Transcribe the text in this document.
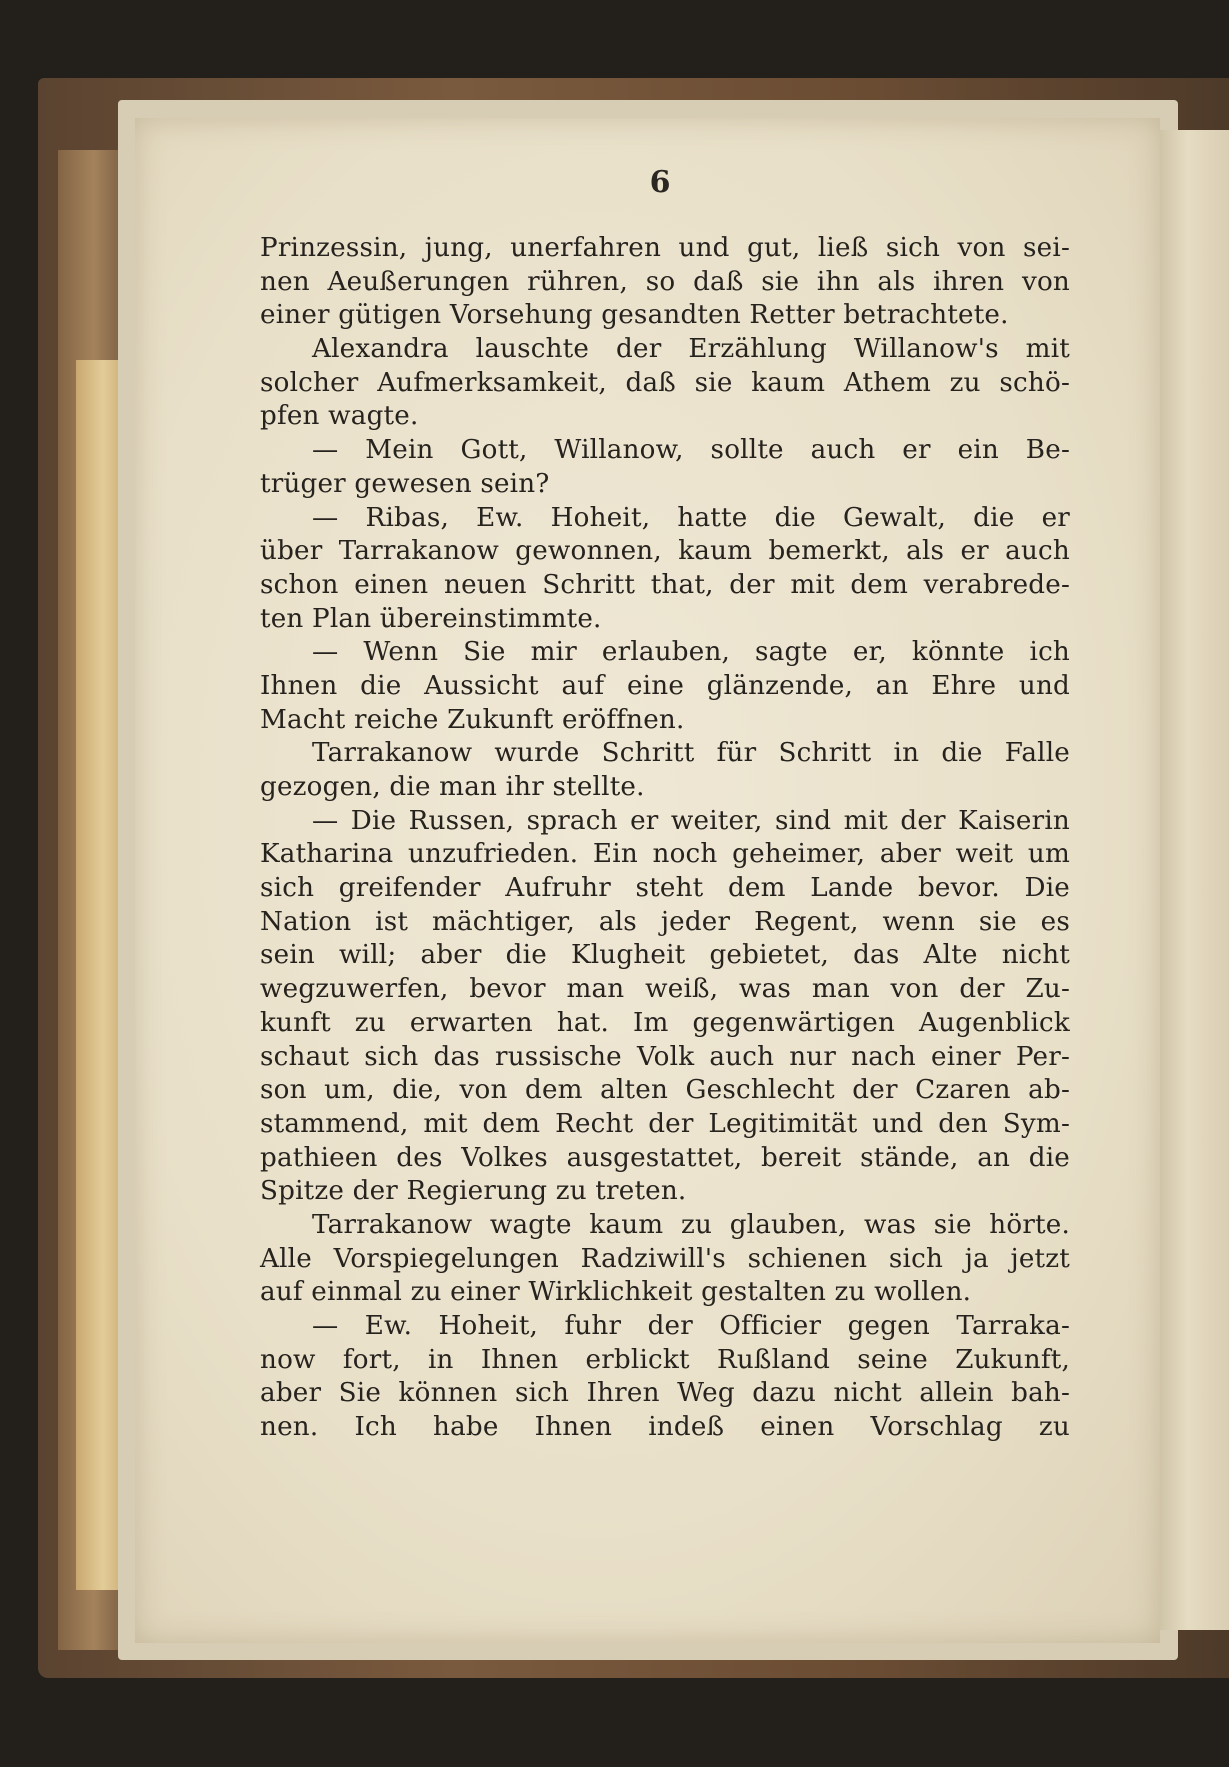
6
Prinzessin, jung, unerfahren und gut, ließ sich von sei-
nen Aeußerungen rühren, so daß sie ihn als ihren von
einer gütigen Vorsehung gesandten Retter betrachtete.
Alexandra lauschte der Erzählung Willanow's mit
solcher Aufmerksamkeit, daß sie kaum Athem zu schö-
pfen wagte.
— Mein Gott, Willanow, sollte auch er ein Be-
trüger gewesen sein?
— Ribas, Ew. Hoheit, hatte die Gewalt, die er
über Tarrakanow gewonnen, kaum bemerkt, als er auch
schon einen neuen Schritt that, der mit dem verabrede-
ten Plan übereinstimmte.
— Wenn Sie mir erlauben, sagte er, könnte ich
Ihnen die Aussicht auf eine glänzende, an Ehre und
Macht reiche Zukunft eröffnen.
Tarrakanow wurde Schritt für Schritt in die Falle
gezogen, die man ihr stellte.
— Die Russen, sprach er weiter, sind mit der Kaiserin
Katharina unzufrieden. Ein noch geheimer, aber weit um
sich greifender Aufruhr steht dem Lande bevor. Die
Nation ist mächtiger, als jeder Regent, wenn sie es
sein will; aber die Klugheit gebietet, das Alte nicht
wegzuwerfen, bevor man weiß, was man von der Zu-
kunft zu erwarten hat. Im gegenwärtigen Augenblick
schaut sich das russische Volk auch nur nach einer Per-
son um, die, von dem alten Geschlecht der Czaren ab-
stammend, mit dem Recht der Legitimität und den Sym-
pathieen des Volkes ausgestattet, bereit stände, an die
Spitze der Regierung zu treten.
Tarrakanow wagte kaum zu glauben, was sie hörte.
Alle Vorspiegelungen Radziwill's schienen sich ja jetzt
auf einmal zu einer Wirklichkeit gestalten zu wollen.
— Ew. Hoheit, fuhr der Officier gegen Tarraka-
now fort, in Ihnen erblickt Rußland seine Zukunft,
aber Sie können sich Ihren Weg dazu nicht allein bah-
nen. Ich habe Ihnen indeß einen Vorschlag zu
